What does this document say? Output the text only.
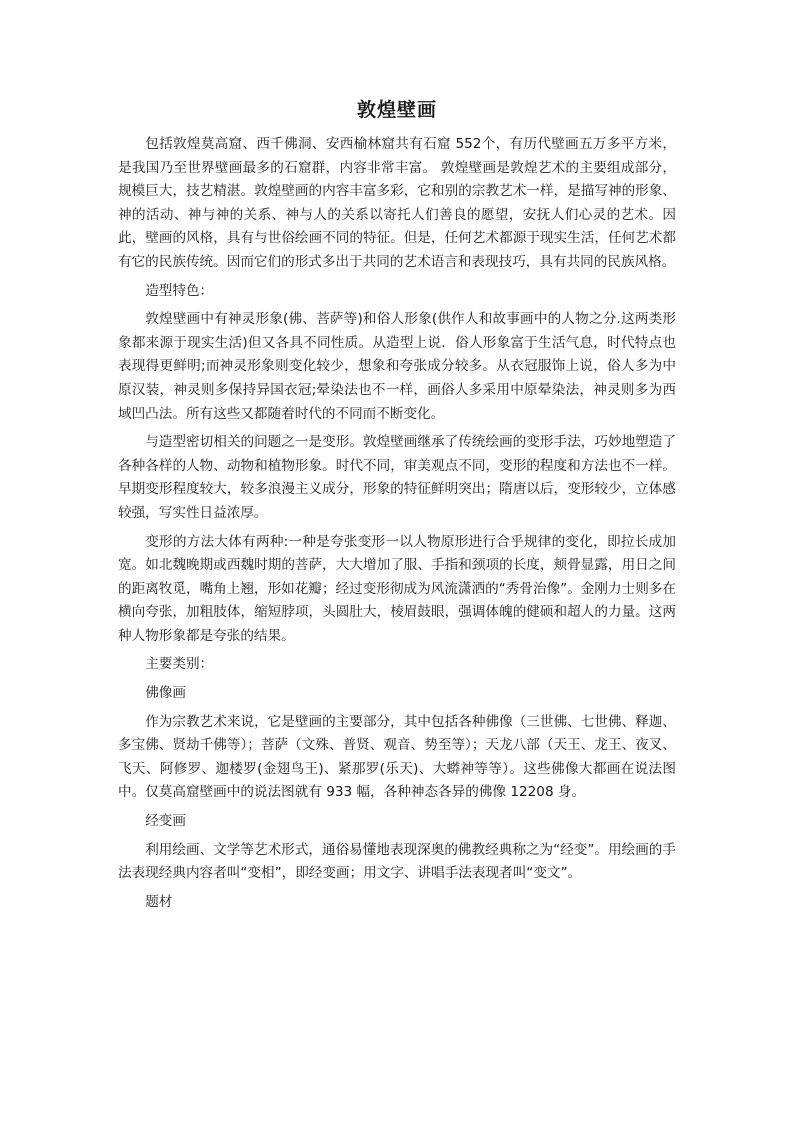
敦煌壁画

包括敦煌莫高窟、西千佛洞、安西榆林窟共有石窟 552个，有历代壁画五万多平方米，是我国乃至世界壁画最多的石窟群，内容非常丰富。 敦煌壁画是敦煌艺术的主要组成部分，规模巨大，技艺精湛。敦煌壁画的内容丰富多彩，它和别的宗教艺术一样，是描写神的形象、神的活动、神与神的关系、神与人的关系以寄托人们善良的愿望，安抚人们心灵的艺术。因此，壁画的风格，具有与世俗绘画不同的特征。但是，任何艺术都源于现实生活，任何艺术都有它的民族传统。因而它们的形式多出于共同的艺术语言和表现技巧，具有共同的民族风格。

造型特色：

敦煌壁画中有神灵形象(佛、菩萨等)和俗人形象(供作人和故事画中的人物之分.这两类形象都来源于现实生活)但又各具不同性质。从造型上说．俗人形象富于生活气息，时代特点也表现得更鲜明;而神灵形象则变化较少，想象和夸张成分较多。从衣冠服饰上说，俗人多为中原汉装，神灵则多保持异国衣冠;晕染法也不一样，画俗人多采用中原晕染法，神灵则多为西域凹凸法。所有这些又都随着时代的不同而不断变化。

与造型密切相关的问题之一是变形。敦煌壁画继承了传统绘画的变形手法，巧妙地塑造了各种各样的人物、动物和植物形象。时代不同，审美观点不同，变形的程度和方法也不一样。早期变形程度较大，较多浪漫主义成分，形象的特征鲜明突出；隋唐以后，变形较少，立体感较强，写实性日益浓厚。

变形的方法大体有两种:一种是夸张变形一以人物原形进行合乎规律的变化，即拉长成加宽。如北魏晚期或西魏时期的菩萨，大大增加了服、手指和颈项的长度，颊骨显露，用日之间的距离牧觅，嘴角上翘，形如花瓣；经过变形彻成为风流潇洒的“秀骨治像”。金刚力士则多在横向夸张，加粗肢体，缩短脖项，头圆肚大，棱眉鼓眼，强调体魄的健硕和超人的力量。这两种人物形象都是夸张的结果。

主要类别：

佛像画

作为宗教艺术来说，它是壁画的主要部分，其中包括各种佛像（三世佛、七世佛、释迦、多宝佛、贤劫千佛等）；菩萨（文殊、普贤、观音、势至等）；天龙八部（天王、龙王、夜叉、飞天、阿修罗、迦楼罗(金翅鸟王)、紧那罗(乐天)、大蟒神等等）。这些佛像大都画在说法图中。仅莫高窟壁画中的说法图就有 933 幅，各种神态各异的佛像 12208 身。

经变画

利用绘画、文学等艺术形式，通俗易懂地表现深奥的佛教经典称之为“经变”。用绘画的手法表现经典内容者叫“变相”，即经变画；用文字、讲唱手法表现者叫“变文”。

题材
